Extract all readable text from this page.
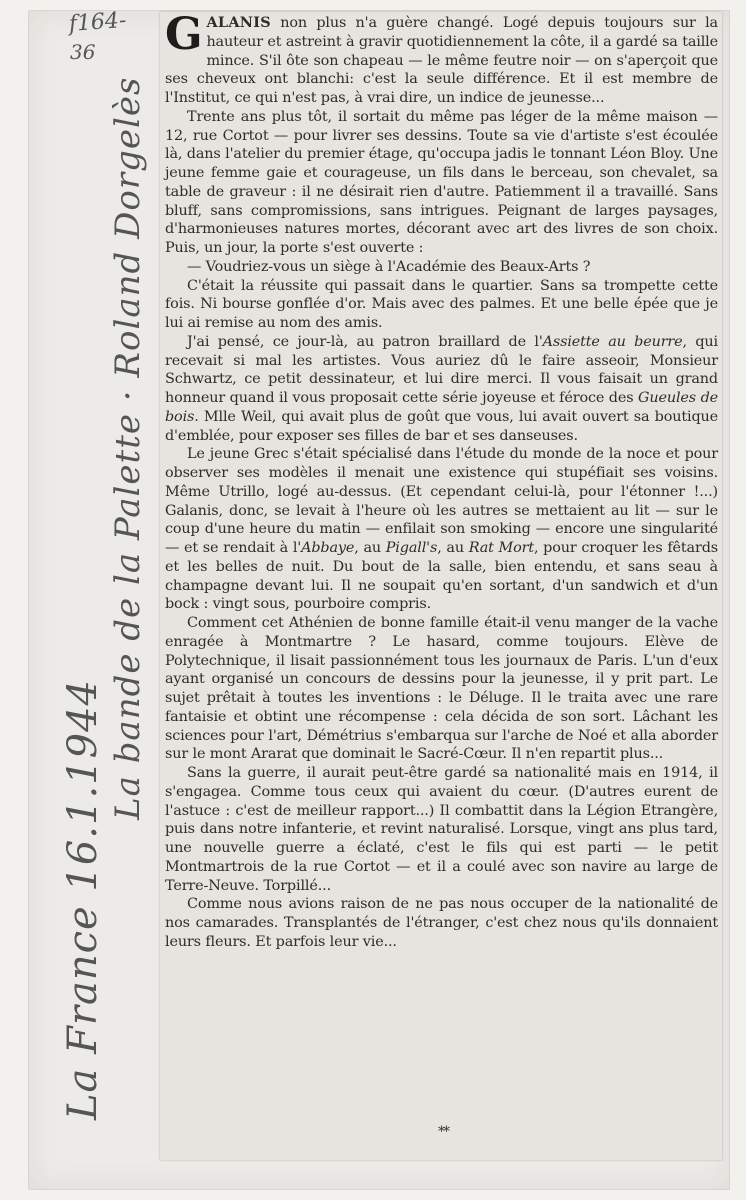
f164-
36
La France 16.1.1944
La bande de la Palette · Roland Dorgelès

GALANIS non plus n'a guère changé. Logé depuis toujours sur la hauteur et astreint à gravir quotidiennement la côte, il a gardé sa taille mince. S'il ôte son chapeau — le même feutre noir — on s'aperçoit que ses cheveux ont blanchi: c'est la seule différence. Et il est membre de l'Institut, ce qui n'est pas, à vrai dire, un indice de jeunesse...

Trente ans plus tôt, il sortait du même pas léger de la même maison — 12, rue Cortot — pour livrer ses dessins. Toute sa vie d'artiste s'est écoulée là, dans l'atelier du premier étage, qu'occupa jadis le tonnant Léon Bloy. Une jeune femme gaie et courageuse, un fils dans le berceau, son chevalet, sa table de graveur : il ne désirait rien d'autre. Patiemment il a travaillé. Sans bluff, sans compromissions, sans intrigues. Peignant de larges paysages, d'harmonieuses natures mortes, décorant avec art des livres de son choix. Puis, un jour, la porte s'est ouverte :

— Voudriez-vous un siège à l'Académie des Beaux-Arts ?

C'était la réussite qui passait dans le quartier. Sans sa trompette cette fois. Ni bourse gonflée d'or. Mais avec des palmes. Et une belle épée que je lui ai remise au nom des amis.

J'ai pensé, ce jour-là, au patron braillard de l'Assiette au beurre, qui recevait si mal les artistes. Vous auriez dû le faire asseoir, Monsieur Schwartz, ce petit dessinateur, et lui dire merci. Il vous faisait un grand honneur quand il vous proposait cette série joyeuse et féroce des Gueules de bois. Mlle Weil, qui avait plus de goût que vous, lui avait ouvert sa boutique d'emblée, pour exposer ses filles de bar et ses danseuses.

Le jeune Grec s'était spécialisé dans l'étude du monde de la noce et pour observer ses modèles il menait une existence qui stupéfiait ses voisins. Même Utrillo, logé au-dessus. (Et cependant celui-là, pour l'étonner !...) Galanis, donc, se levait à l'heure où les autres se mettaient au lit — sur le coup d'une heure du matin — enfilait son smoking — encore une singularité — et se rendait à l'Abbaye, au Pigall's, au Rat Mort, pour croquer les fêtards et les belles de nuit. Du bout de la salle, bien entendu, et sans seau à champagne devant lui. Il ne soupait qu'en sortant, d'un sandwich et d'un bock : vingt sous, pourboire compris.

Comment cet Athénien de bonne famille était-il venu manger de la vache enragée à Montmartre ? Le hasard, comme toujours. Elève de Polytechnique, il lisait passionnément tous les journaux de Paris. L'un d'eux ayant organisé un concours de dessins pour la jeunesse, il y prit part. Le sujet prêtait à toutes les inventions : le Déluge. Il le traita avec une rare fantaisie et obtint une récompense : cela décida de son sort. Lâchant les sciences pour l'art, Démétrius s'embarqua sur l'arche de Noé et alla aborder sur le mont Ararat que dominait le Sacré-Cœur. Il n'en repartit plus...

Sans la guerre, il aurait peut-être gardé sa nationalité mais en 1914, il s'engagea. Comme tous ceux qui avaient du cœur. (D'autres eurent de l'astuce : c'est de meilleur rapport...) Il combattit dans la Légion Etrangère, puis dans notre infanterie, et revint naturalisé. Lorsque, vingt ans plus tard, une nouvelle guerre a éclaté, c'est le fils qui est parti — le petit Montmartrois de la rue Cortot — et il a coulé avec son navire au large de Terre-Neuve. Torpillé...

Comme nous avions raison de ne pas nous occuper de la nationalité de nos camarades. Transplantés de l'étranger, c'est chez nous qu'ils donnaient leurs fleurs. Et parfois leur vie...

**
